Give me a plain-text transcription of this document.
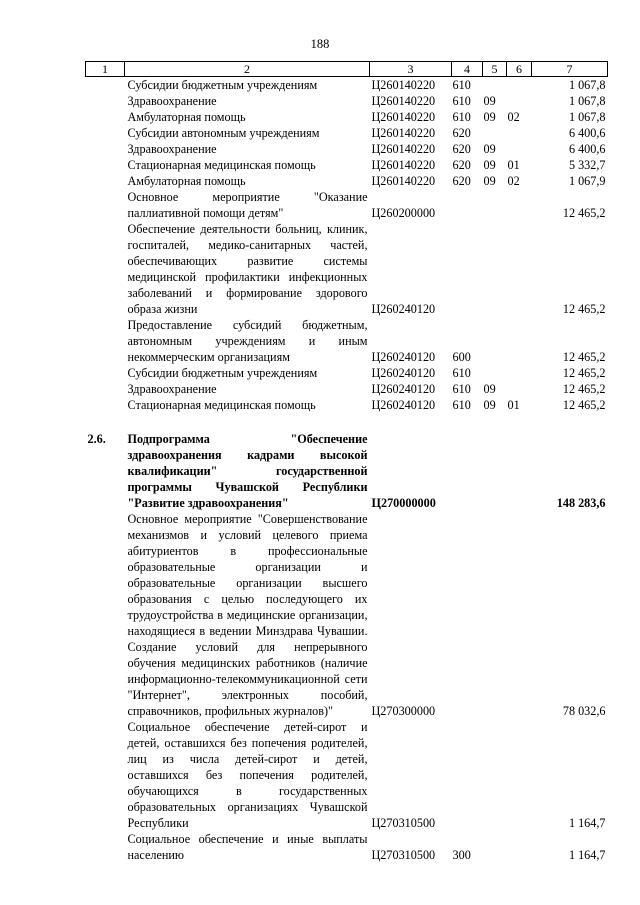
188
1	2	3	4	5	6	7
	Субсидии бюджетным учреждениям	Ц260140220	610			1 067,8
	Здравоохранение	Ц260140220	610	09		1 067,8
	Амбулаторная помощь	Ц260140220	610	09	02	1 067,8
	Субсидии автономным учреждениям	Ц260140220	620			6 400,6
	Здравоохранение	Ц260140220	620	09		6 400,6
	Стационарная медицинская помощь	Ц260140220	620	09	01	5 332,7
	Амбулаторная помощь	Ц260140220	620	09	02	1 067,9
	Основное мероприятие "Оказание паллиативной помощи детям"	Ц260200000				12 465,2
	Обеспечение деятельности больниц, клиник, госпиталей, медико-санитарных частей, обеспечивающих развитие системы медицинской профилактики инфекционных заболеваний и формирование здорового образа жизни	Ц260240120				12 465,2
	Предоставление субсидий бюджетным, автономным учреждениям и иным некоммерческим организациям	Ц260240120	600			12 465,2
	Субсидии бюджетным учреждениям	Ц260240120	610			12 465,2
	Здравоохранение	Ц260240120	610	09		12 465,2
	Стационарная медицинская помощь	Ц260240120	610	09	01	12 465,2

2.6.	Подпрограмма "Обеспечение здравоохранения кадрами высокой квалификации" государственной программы Чувашской Республики "Развитие здравоохранения"	Ц270000000				148 283,6
	Основное мероприятие "Совершенствование механизмов и условий целевого приема абитуриентов в профессиональные образовательные организации и образовательные организации высшего образования с целью последующего их трудоустройства в медицинские организации, находящиеся в ведении Минздрава Чувашии. Создание условий для непрерывного обучения медицинских работников (наличие информационно-телекоммуникационной сети "Интернет", электронных пособий, справочников, профильных журналов)"	Ц270300000				78 032,6
	Социальное обеспечение детей-сирот и детей, оставшихся без попечения родителей, лиц из числа детей-сирот и детей, оставшихся без попечения родителей, обучающихся в государственных образовательных организациях Чувашской Республики	Ц270310500				1 164,7
	Социальное обеспечение и иные выплаты населению	Ц270310500	300			1 164,7
